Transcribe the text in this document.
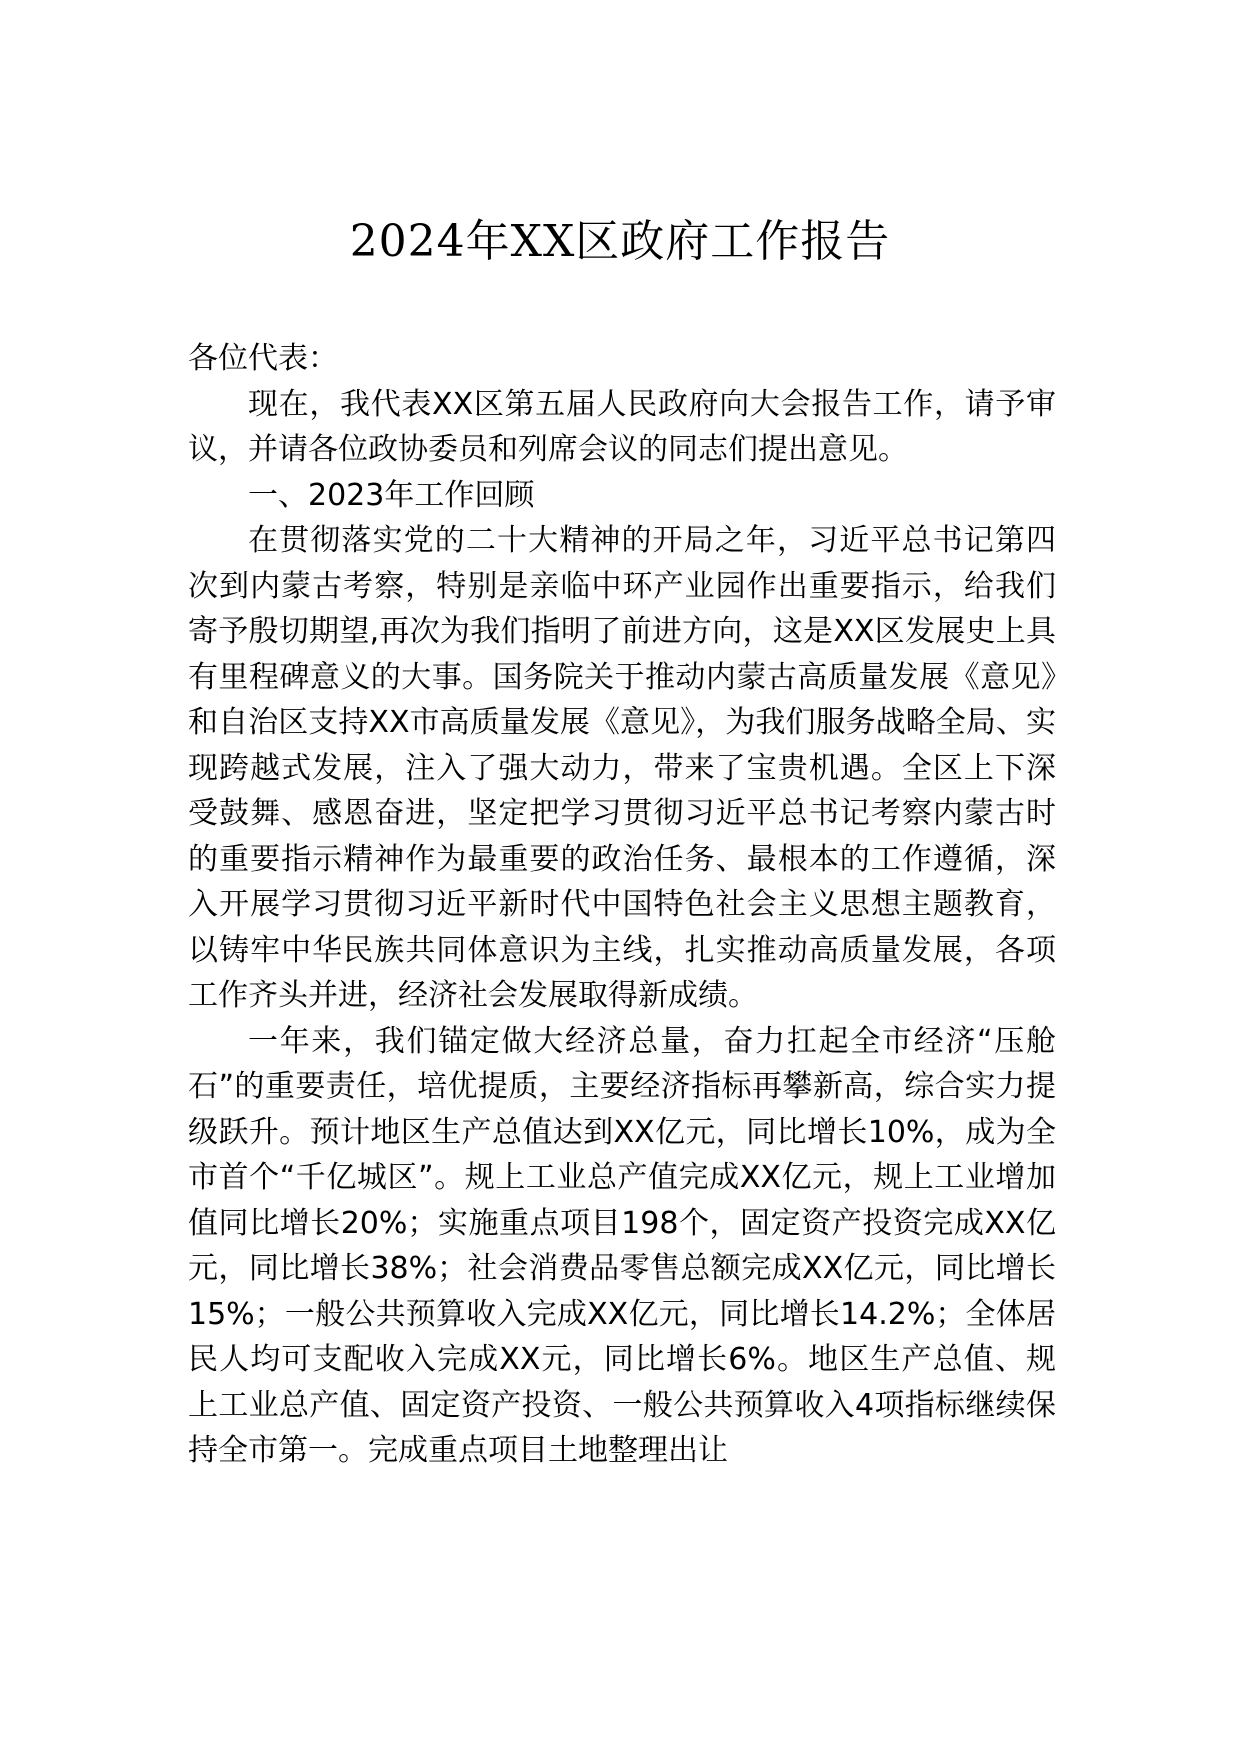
2024年XX区政府工作报告

各位代表：

现在，我代表XX区第五届人民政府向大会报告工作，请予审议，并请各位政协委员和列席会议的同志们提出意见。

一、2023年工作回顾

在贯彻落实党的二十大精神的开局之年，习近平总书记第四次到内蒙古考察，特别是亲临中环产业园作出重要指示，给我们寄予殷切期望,再次为我们指明了前进方向，这是XX区发展史上具有里程碑意义的大事。国务院关于推动内蒙古高质量发展《意见》和自治区支持XX市高质量发展《意见》，为我们服务战略全局、实现跨越式发展，注入了强大动力，带来了宝贵机遇。全区上下深受鼓舞、感恩奋进，坚定把学习贯彻习近平总书记考察内蒙古时的重要指示精神作为最重要的政治任务、最根本的工作遵循，深入开展学习贯彻习近平新时代中国特色社会主义思想主题教育，以铸牢中华民族共同体意识为主线，扎实推动高质量发展，各项工作齐头并进，经济社会发展取得新成绩。

一年来，我们锚定做大经济总量，奋力扛起全市经济“压舱石”的重要责任，培优提质，主要经济指标再攀新高，综合实力提级跃升。预计地区生产总值达到XX亿元，同比增长10%，成为全市首个“千亿城区”。规上工业总产值完成XX亿元，规上工业增加值同比增长20%；实施重点项目198个，固定资产投资完成XX亿元，同比增长38%；社会消费品零售总额完成XX亿元，同比增长15%；一般公共预算收入完成XX亿元，同比增长14.2%；全体居民人均可支配收入完成XX元，同比增长6%。地区生产总值、规上工业总产值、固定资产投资、一般公共预算收入4项指标继续保持全市第一。完成重点项目土地整理出让
